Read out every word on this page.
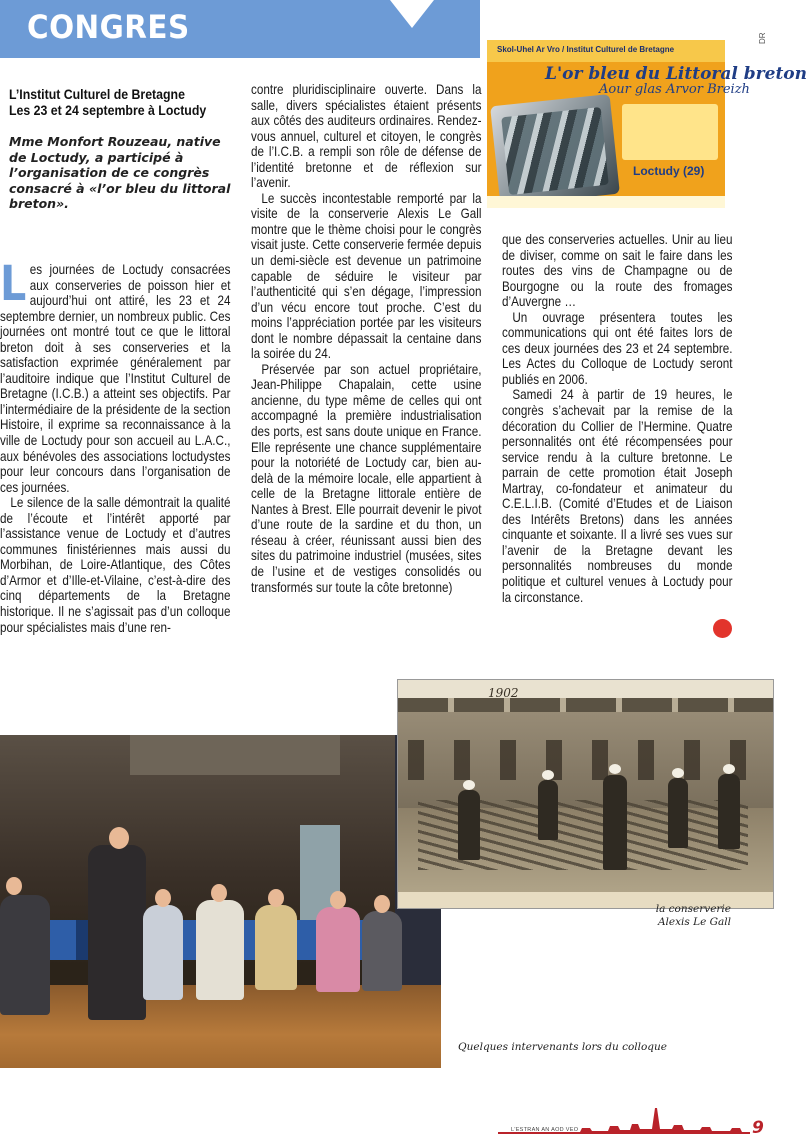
CONGRES	DR
Skol-Uhel Ar Vro / Institut Culturel de Bretagne
L'or bleu du Littoral breton
Aour glas Arvor Breizh
Loctudy (29)
L’Institut Culturel de Bretagne
Les 23 et 24 septembre à Loctudy
Mme Monfort Rouzeau, native de Loctudy, a participé à l’organisation de ce congrès consacré à «l’or bleu du littoral breton».

Les journées de Loctudy consacrées aux conserveries de poisson hier et aujourd’hui ont attiré, les 23 et 24 septembre dernier, un nombreux public. Ces journées ont montré tout ce que le littoral breton doit à ses conserveries et la satisfaction exprimée généralement par l’auditoire indique que l’Institut Culturel de Bretagne (I.C.B.) a atteint ses objectifs. Par l’intermédiaire de la présidente de la section Histoire, il exprime sa reconnaissance à la ville de Loctudy pour son accueil au L.A.C., aux bénévoles des associations loctudystes pour leur concours dans l’organisation de ces journées.

Le silence de la salle démontrait la qualité de l’écoute et l’intérêt apporté par l’assistance venue de Loctudy et d’autres communes finistériennes mais aussi du Morbihan, de Loire-Atlantique, des Côtes d’Armor et d’Ille-et-Vilaine, c’est-à-dire des cinq départements de la Bretagne historique. Il ne s’agissait pas d’un colloque pour spécialistes mais d’une ren-

contre pluridisciplinaire ouverte. Dans la salle, divers spécialistes étaient présents aux côtés des auditeurs ordinaires. Rendez-vous annuel, culturel et citoyen, le congrès de l’I.C.B. a rempli son rôle de défense de l’identité bretonne et de réflexion sur l’avenir.

Le succès incontestable remporté par la visite de la conserverie Alexis Le Gall montre que le thème choisi pour le congrès visait juste. Cette conserverie fermée depuis un demi-siècle est devenue un patrimoine capable de séduire le visiteur par l’authenticité qui s’en dégage, l’impression d’un vécu encore tout proche. C’est du moins l’appréciation portée par les visiteurs dont le nombre dépassait la centaine dans la soirée du 24.

Préservée par son actuel propriétaire, Jean-Philippe Chapalain, cette usine ancienne, du type même de celles qui ont accompagné la première industrialisation des ports, est sans doute unique en France. Elle représente une chance supplémentaire pour la notoriété de Loctudy car, bien au-delà de la mémoire locale, elle appartient à celle de la Bretagne littorale entière de Nantes à Brest. Elle pourrait devenir le pivot d’une route de la sardine et du thon, un réseau à créer, réunissant aussi bien des sites du patrimoine industriel (musées, sites de l’usine et de vestiges consolidés ou transformés sur toute la côte bretonne)

que des conserveries actuelles. Unir au lieu de diviser, comme on sait le faire dans les routes des vins de Champagne ou de Bourgogne ou la route des fromages d’Auvergne …

Un ouvrage présentera toutes les communications qui ont été faites lors de ces deux journées des 23 et 24 septembre. Les Actes du Colloque de Loctudy seront publiés en 2006.

Samedi 24 à partir de 19 heures, le congrès s’achevait par la remise de la décoration du Collier de l’Hermine. Quatre personnalités ont été récompensées pour service rendu à la culture bretonne. Le parrain de cette promotion était Joseph Martray, co-fondateur et animateur du C.E.L.I.B. (Comité d’Etudes et de Liaison des Intérêts Bretons) dans les années cinquante et soixante. Il a livré ses vues sur l’avenir de la Bretagne devant les personnalités nombreuses du monde politique et culturel venues à Loctudy pour la circonstance.

Quelques intervenants lors du colloque
1902
la conserverie
Alexis Le Gall
L'ESTRAN AN AOD VEO	9
